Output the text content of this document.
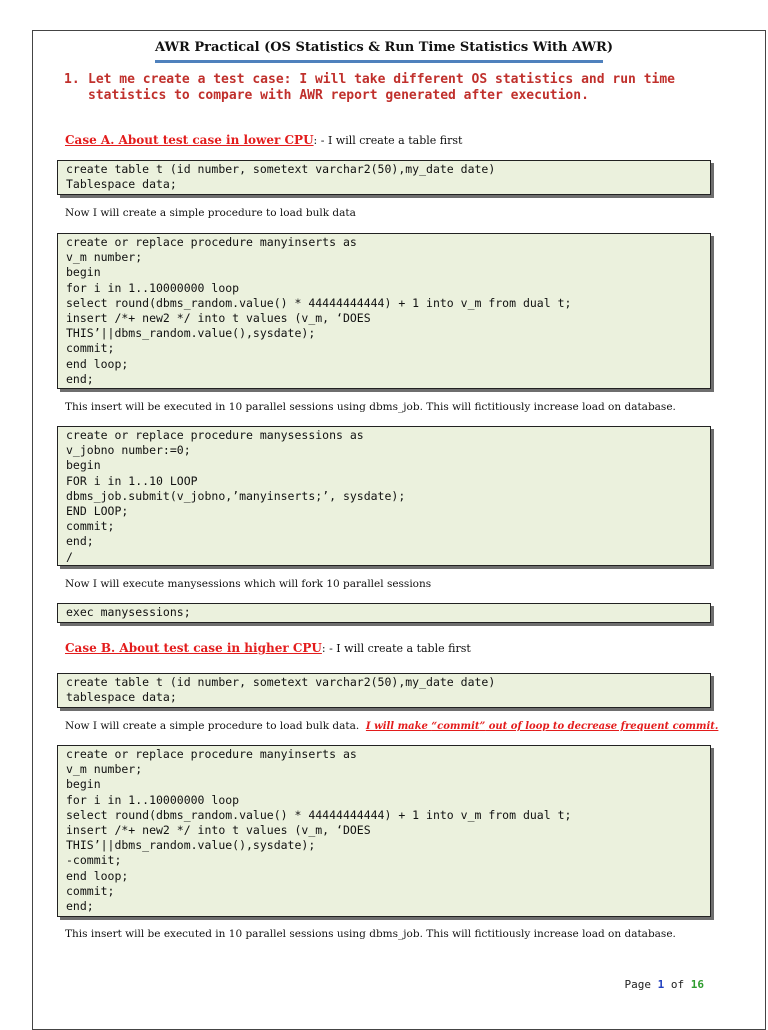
AWR Practical (OS Statistics & Run Time Statistics With AWR)
1. Let me create a test case: I will take different OS statistics and run time statistics to compare with AWR report generated after execution.
Case A. About test case in lower CPU: - I will create a table first
create table t (id number, sometext varchar2(50),my_date date)
Tablespace data;
Now I will create a simple procedure to load bulk data
create or replace procedure manyinserts as
v_m number;
begin
for i in 1..10000000 loop
select round(dbms_random.value() * 44444444444) + 1 into v_m from dual t;
insert /*+ new2 */ into t values (v_m, ‘DOES
THIS’||dbms_random.value(),sysdate);
commit;
end loop;
end;
This insert will be executed in 10 parallel sessions using dbms_job. This will fictitiously increase load on database.
create or replace procedure manysessions as
v_jobno number:=0;
begin
FOR i in 1..10 LOOP
dbms_job.submit(v_jobno,’manyinserts;’, sysdate);
END LOOP;
commit;
end;
/
Now I will execute manysessions which will fork 10 parallel sessions
exec manysessions;
Case B. About test case in higher CPU: - I will create a table first
create table t (id number, sometext varchar2(50),my_date date)
tablespace data;
Now I will create a simple procedure to load bulk data. I will make “commit” out of loop to decrease frequent commit.
create or replace procedure manyinserts as
v_m number;
begin
for i in 1..10000000 loop
select round(dbms_random.value() * 44444444444) + 1 into v_m from dual t;
insert /*+ new2 */ into t values (v_m, ‘DOES
THIS’||dbms_random.value(),sysdate);
-commit;
end loop;
commit;
end;
This insert will be executed in 10 parallel sessions using dbms_job. This will fictitiously increase load on database.
Page 1 of 16
